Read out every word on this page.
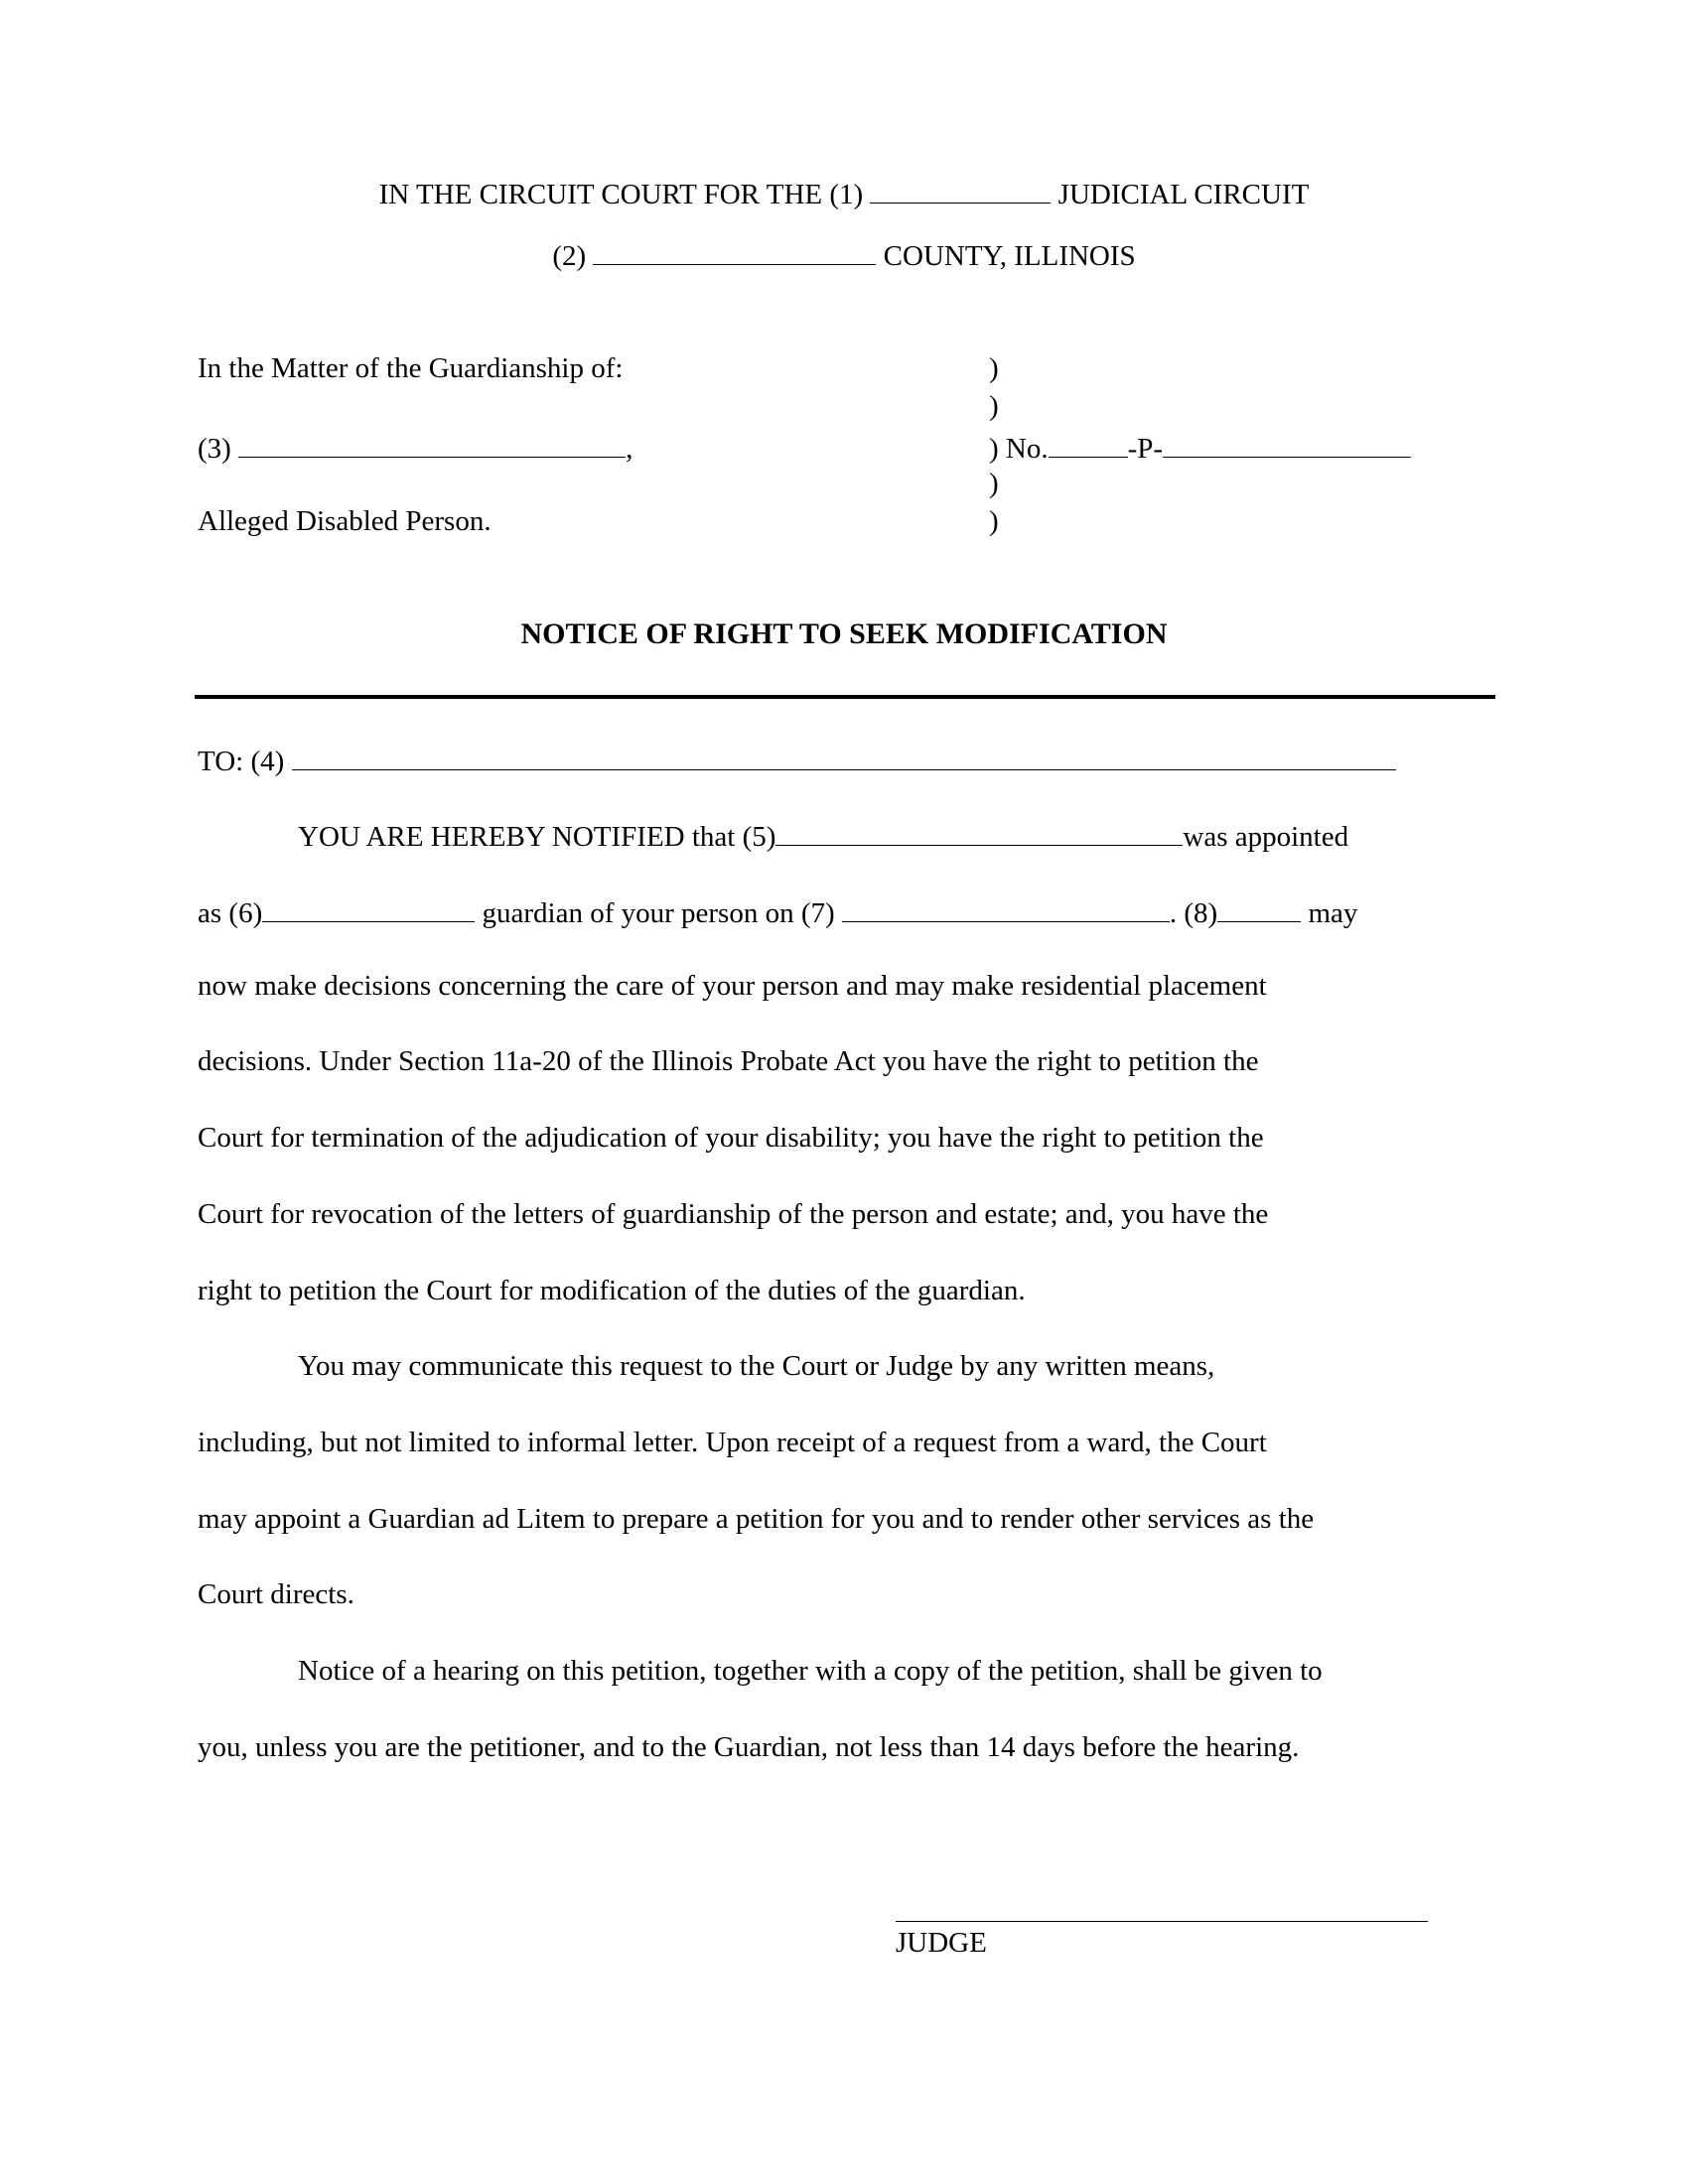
IN THE CIRCUIT COURT FOR THE (1)	JUDICIAL CIRCUIT
(2)	COUNTY, ILLINOIS
In the Matter of the Guardianship of:
(3)	,
Alleged Disabled Person.
)
)
) No.	-P-
)
)
NOTICE OF RIGHT TO SEEK MODIFICATION
TO: (4)
YOU ARE HEREBY NOTIFIED that (5)	was appointed
as (6)	guardian of your person on (7)	. (8)	may
now make decisions concerning the care of your person and may make residential placement
decisions. Under Section 11a-20 of the Illinois Probate Act you have the right to petition the
Court for termination of the adjudication of your disability; you have the right to petition the
Court for revocation of the letters of guardianship of the person and estate; and, you have the
right to petition the Court for modification of the duties of the guardian.
You may communicate this request to the Court or Judge by any written means,
including, but not limited to informal letter. Upon receipt of a request from a ward, the Court
may appoint a Guardian ad Litem to prepare a petition for you and to render other services as the
Court directs.
Notice of a hearing on this petition, together with a copy of the petition, shall be given to
you, unless you are the petitioner, and to the Guardian, not less than 14 days before the hearing.
JUDGE
